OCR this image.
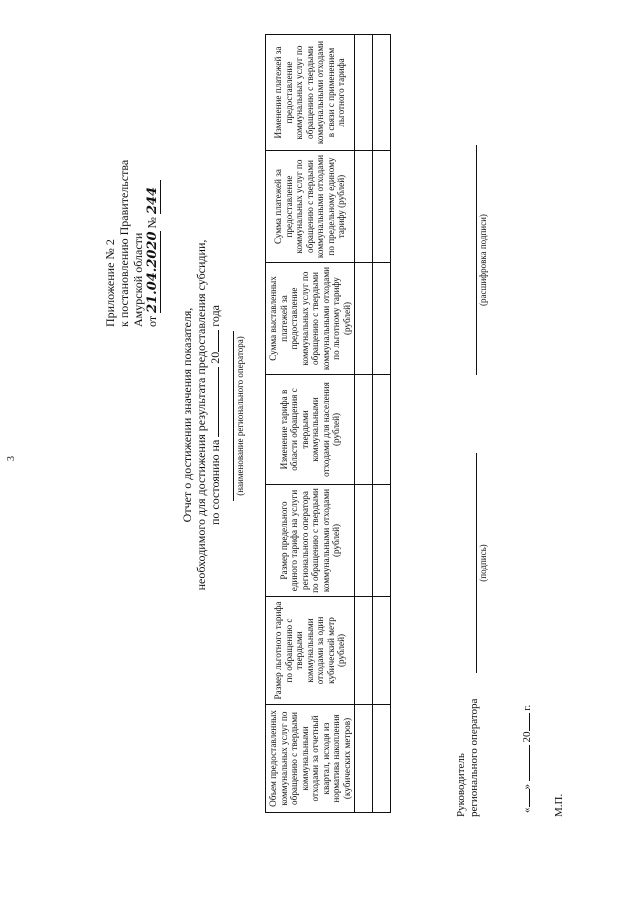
3
Приложение № 2 к постановлению Правительства Амурской области от 21.04.2020 № 244
Отчет о достижении значения показателя, необходимого для достижения результата предоставления субсидии, по состоянию на  20 года
(наименование регионального оператора)
Объем предоставленных коммунальных услуг по обращению с твердыми коммунальными отходами за отчетный квартал, исходя из норматива накопления (кубических метров)	Размер льготного тарифа по обращению с твердыми коммунальными отходами за один кубический метр (рублей)	Размер предельного единого тарифа на услуги регионального оператора по обращению с твердыми коммунальными отходами (рублей)	Изменение тарифа в области обращения с твердыми коммунальными отходами для населения (рублей)	Сумма выставленных платежей за предоставление коммунальных услуг по обращению с твердыми коммунальными отходами по льготному тарифу (рублей)	Сумма платежей за предоставление коммунальных услуг по обращению с твердыми коммунальными отходами по предельному единому тарифу (рублей)	Изменение платежей за предоставление коммунальных услуг по обращению с твердыми коммунальными отходами в связи с применением льготного тарифа

Руководитель регионального оператора
(подпись)
(расшифровка подписи)
«»  20 г.
М.П.
